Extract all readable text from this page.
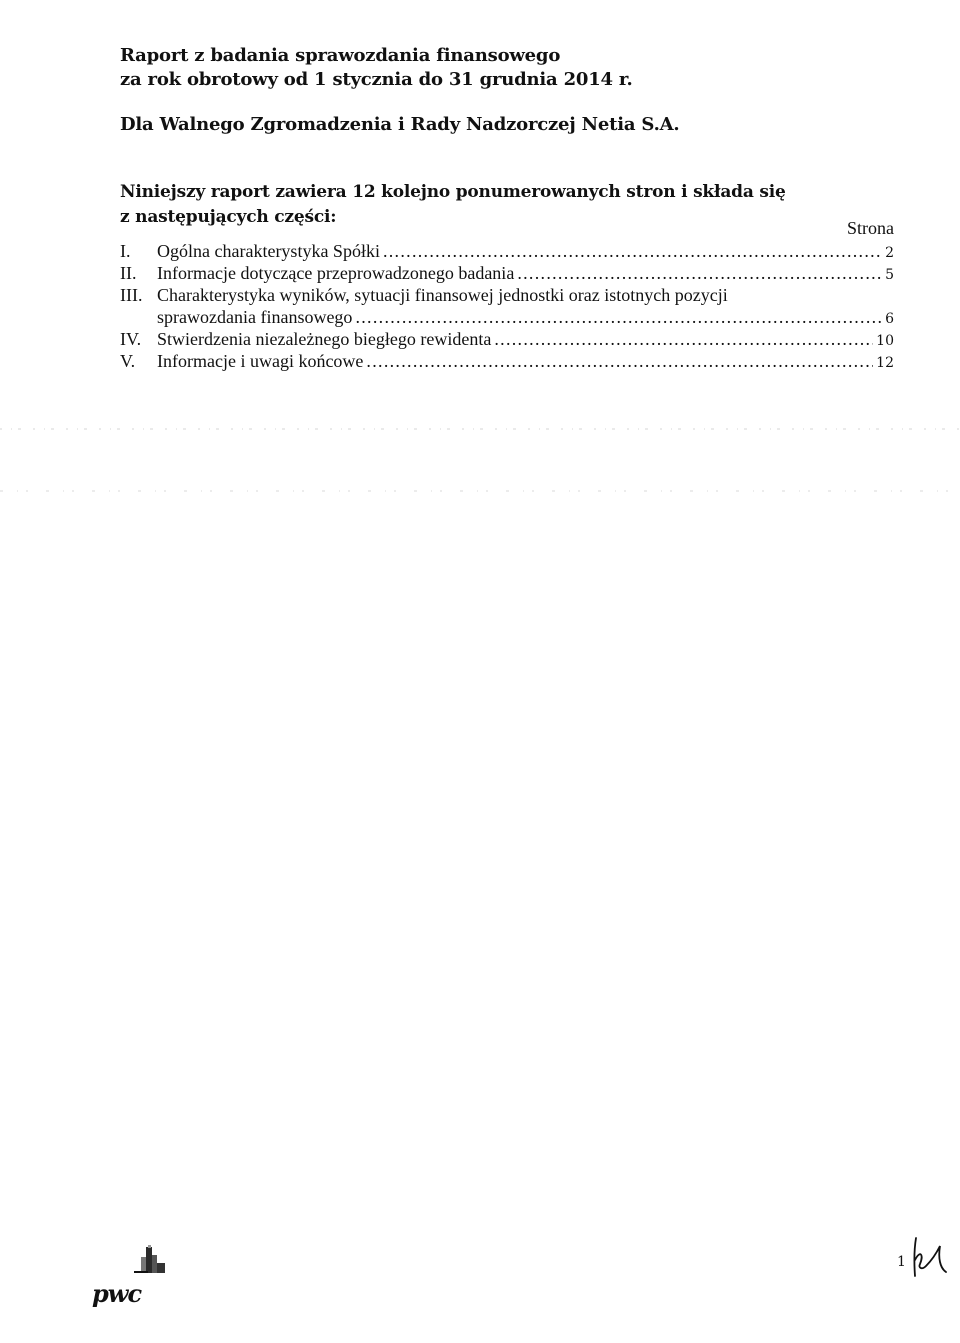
Raport z badania sprawozdania finansowego
za rok obrotowy od 1 stycznia do 31 grudnia 2014 r.
Dla Walnego Zgromadzenia i Rady Nadzorczej Netia S.A.
Niniejszy raport zawiera 12 kolejno ponumerowanych stron i składa się
z następujących części:
Strona
I.	Ogólna charakterystyka Spółki . . .	2
II.	Informacje dotyczące przeprowadzonego badania . . .	5
III. Charakterystyka wyników, sytuacji finansowej jednostki oraz istotnych pozycji
sprawozdania finansowego . . .	6
IV. Stwierdzenia niezależnego biegłego rewidenta . . .	10
V.	Informacje i uwagi końcowe . . .	12
pwc
1
